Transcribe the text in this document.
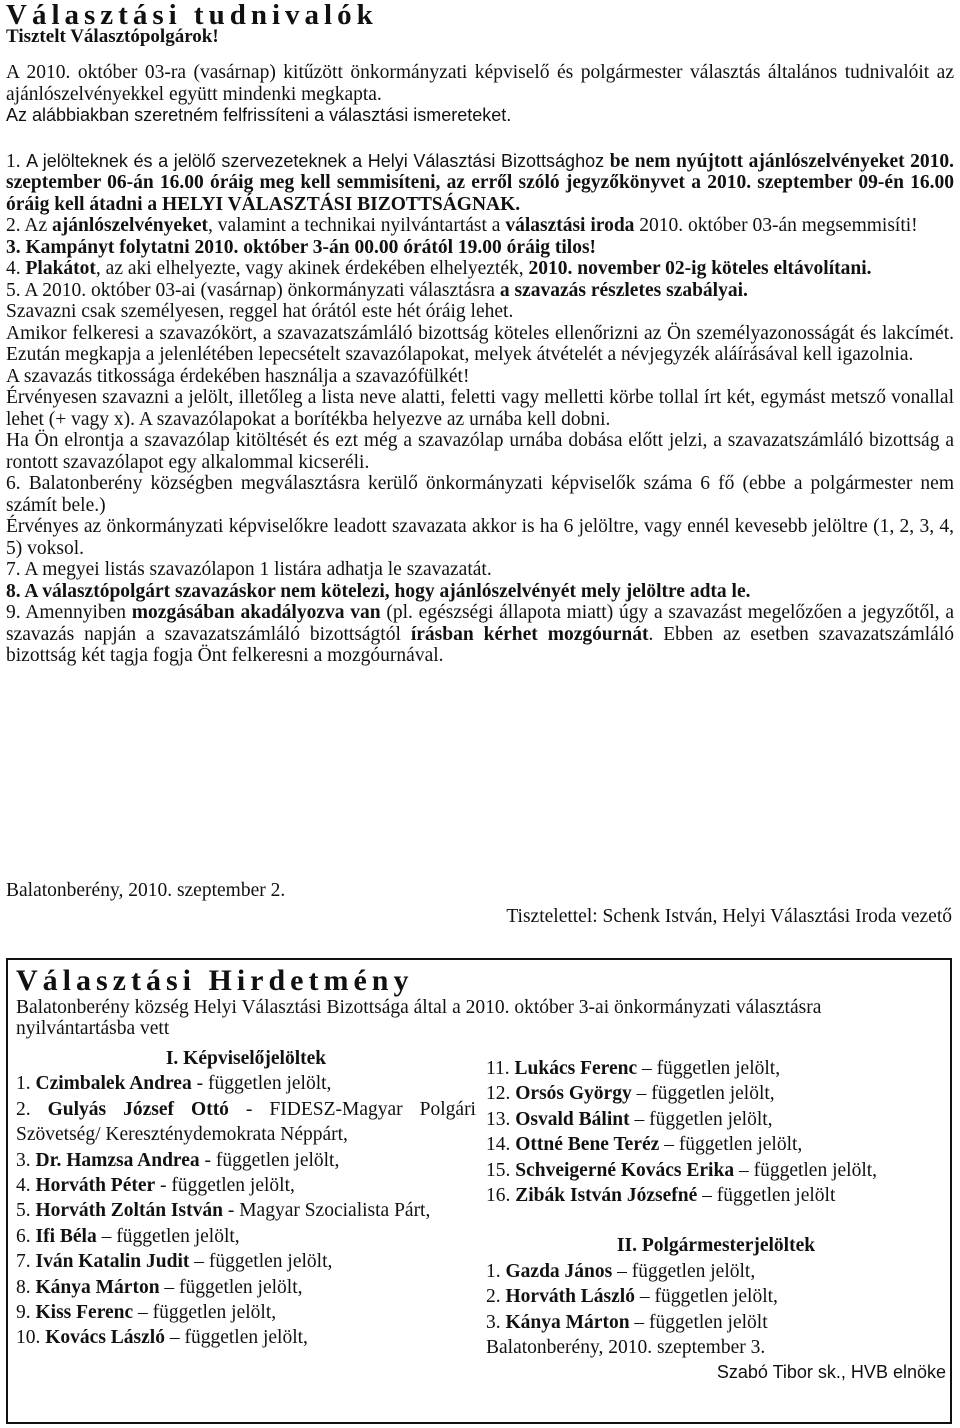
Választási tudnivalók
Tisztelt Választópolgárok!

A 2010. október 03-ra (vasárnap) kitűzött önkormányzati képviselő és polgármester választás általános tudnivalóit az ajánlószelvényekkel együtt mindenki megkapta.

Az alábbiakban szeretném felfrissíteni a választási ismereteket.

1. A jelölteknek és a jelölő szervezeteknek a Helyi Választási Bizottsághoz be nem nyújtott ajánlószelvényeket 2010. szeptember 06-án 16.00 óráig meg kell semmisíteni, az erről szóló jegyzőkönyvet a 2010. szeptember 09-én 16.00 óráig kell átadni a HELYI VÁLASZTÁSI BIZOTTSÁGNAK.

2. Az ajánlószelvényeket, valamint a technikai nyilvántartást a választási iroda 2010. október 03-án megsemmisíti!

3. Kampányt folytatni 2010. október 3-án 00.00 órától 19.00 óráig tilos!

4. Plakátot, az aki elhelyezte, vagy akinek érdekében elhelyezték, 2010. november 02-ig köteles eltávolítani.

5. A 2010. október 03-ai (vasárnap) önkormányzati választásra a szavazás részletes szabályai.

Szavazni csak személyesen, reggel hat órától este hét óráig lehet.

Amikor felkeresi a szavazókört, a szavazatszámláló bizottság köteles ellenőrizni az Ön személyazonosságát és lakcímét. Ezután megkapja a jelenlétében lepecsételt szavazólapokat, melyek átvételét a névjegyzék aláírásával kell igazolnia.

A szavazás titkossága érdekében használja a szavazófülkét!

Érvényesen szavazni a jelölt, illetőleg a lista neve alatti, feletti vagy melletti körbe tollal írt két, egymást metsző vonallal lehet (+ vagy x). A szavazólapokat a borítékba helyezve az urnába kell dobni.

Ha Ön elrontja a szavazólap kitöltését és ezt még a szavazólap urnába dobása előtt jelzi, a szavazatszámláló bizottság a rontott szavazólapot egy alkalommal kicseréli.

6. Balatonberény községben megválasztásra kerülő önkormányzati képviselők száma 6 fő (ebbe a polgármester nem számít bele.)

Érvényes az önkormányzati képviselőkre leadott szavazata akkor is ha 6 jelöltre, vagy ennél kevesebb jelöltre (1, 2, 3, 4, 5) voksol.

7. A megyei listás szavazólapon 1 listára adhatja le szavazatát.

8. A választópolgárt szavazáskor nem kötelezi, hogy ajánlószelvényét mely jelöltre adta le.

9. Amennyiben mozgásában akadályozva van (pl. egészségi állapota miatt) úgy a szavazást megelőzően a jegyzőtől, a szavazás napján a szavazatszámláló bizottságtól írásban kérhet mozgóurnát. Ebben az esetben szavazatszámláló bizottság két tagja fogja Önt felkeresni a mozgóurnával.

Balatonberény, 2010. szeptember 2.
Tisztelettel: Schenk István, Helyi Választási Iroda vezető
Választási Hirdetmény
Balatonberény község Helyi Választási Bizottsága által a 2010. október 3-ai önkormányzati választásra nyilvántartásba vett

I. Képviselőjelöltek

1. Czimbalek Andrea - független jelölt,

2. Gulyás József Ottó - FIDESZ-Magyar Polgári Szövetség/ Kereszténydemokrata Néppárt,

3. Dr. Hamzsa Andrea - független jelölt,

4. Horváth Péter - független jelölt,

5. Horváth Zoltán István - Magyar Szocialista Párt,

6. Ifi Béla – független jelölt,

7. Iván Katalin Judit – független jelölt,

8. Kánya Márton – független jelölt,

9. Kiss Ferenc – független jelölt,

10. Kovács László – független jelölt,

11. Lukács Ferenc – független jelölt,

12. Orsós György – független jelölt,

13. Osvald Bálint – független jelölt,

14. Ottné Bene Teréz – független jelölt,

15. Schveigerné Kovács Erika – független jelölt,

16. Zibák István Józsefné – független jelölt

II. Polgármesterjelöltek

1. Gazda János – független jelölt,

2. Horváth László – független jelölt,

3. Kánya Márton – független jelölt

Balatonberény, 2010. szeptember 3.

Szabó Tibor sk., HVB elnöke
